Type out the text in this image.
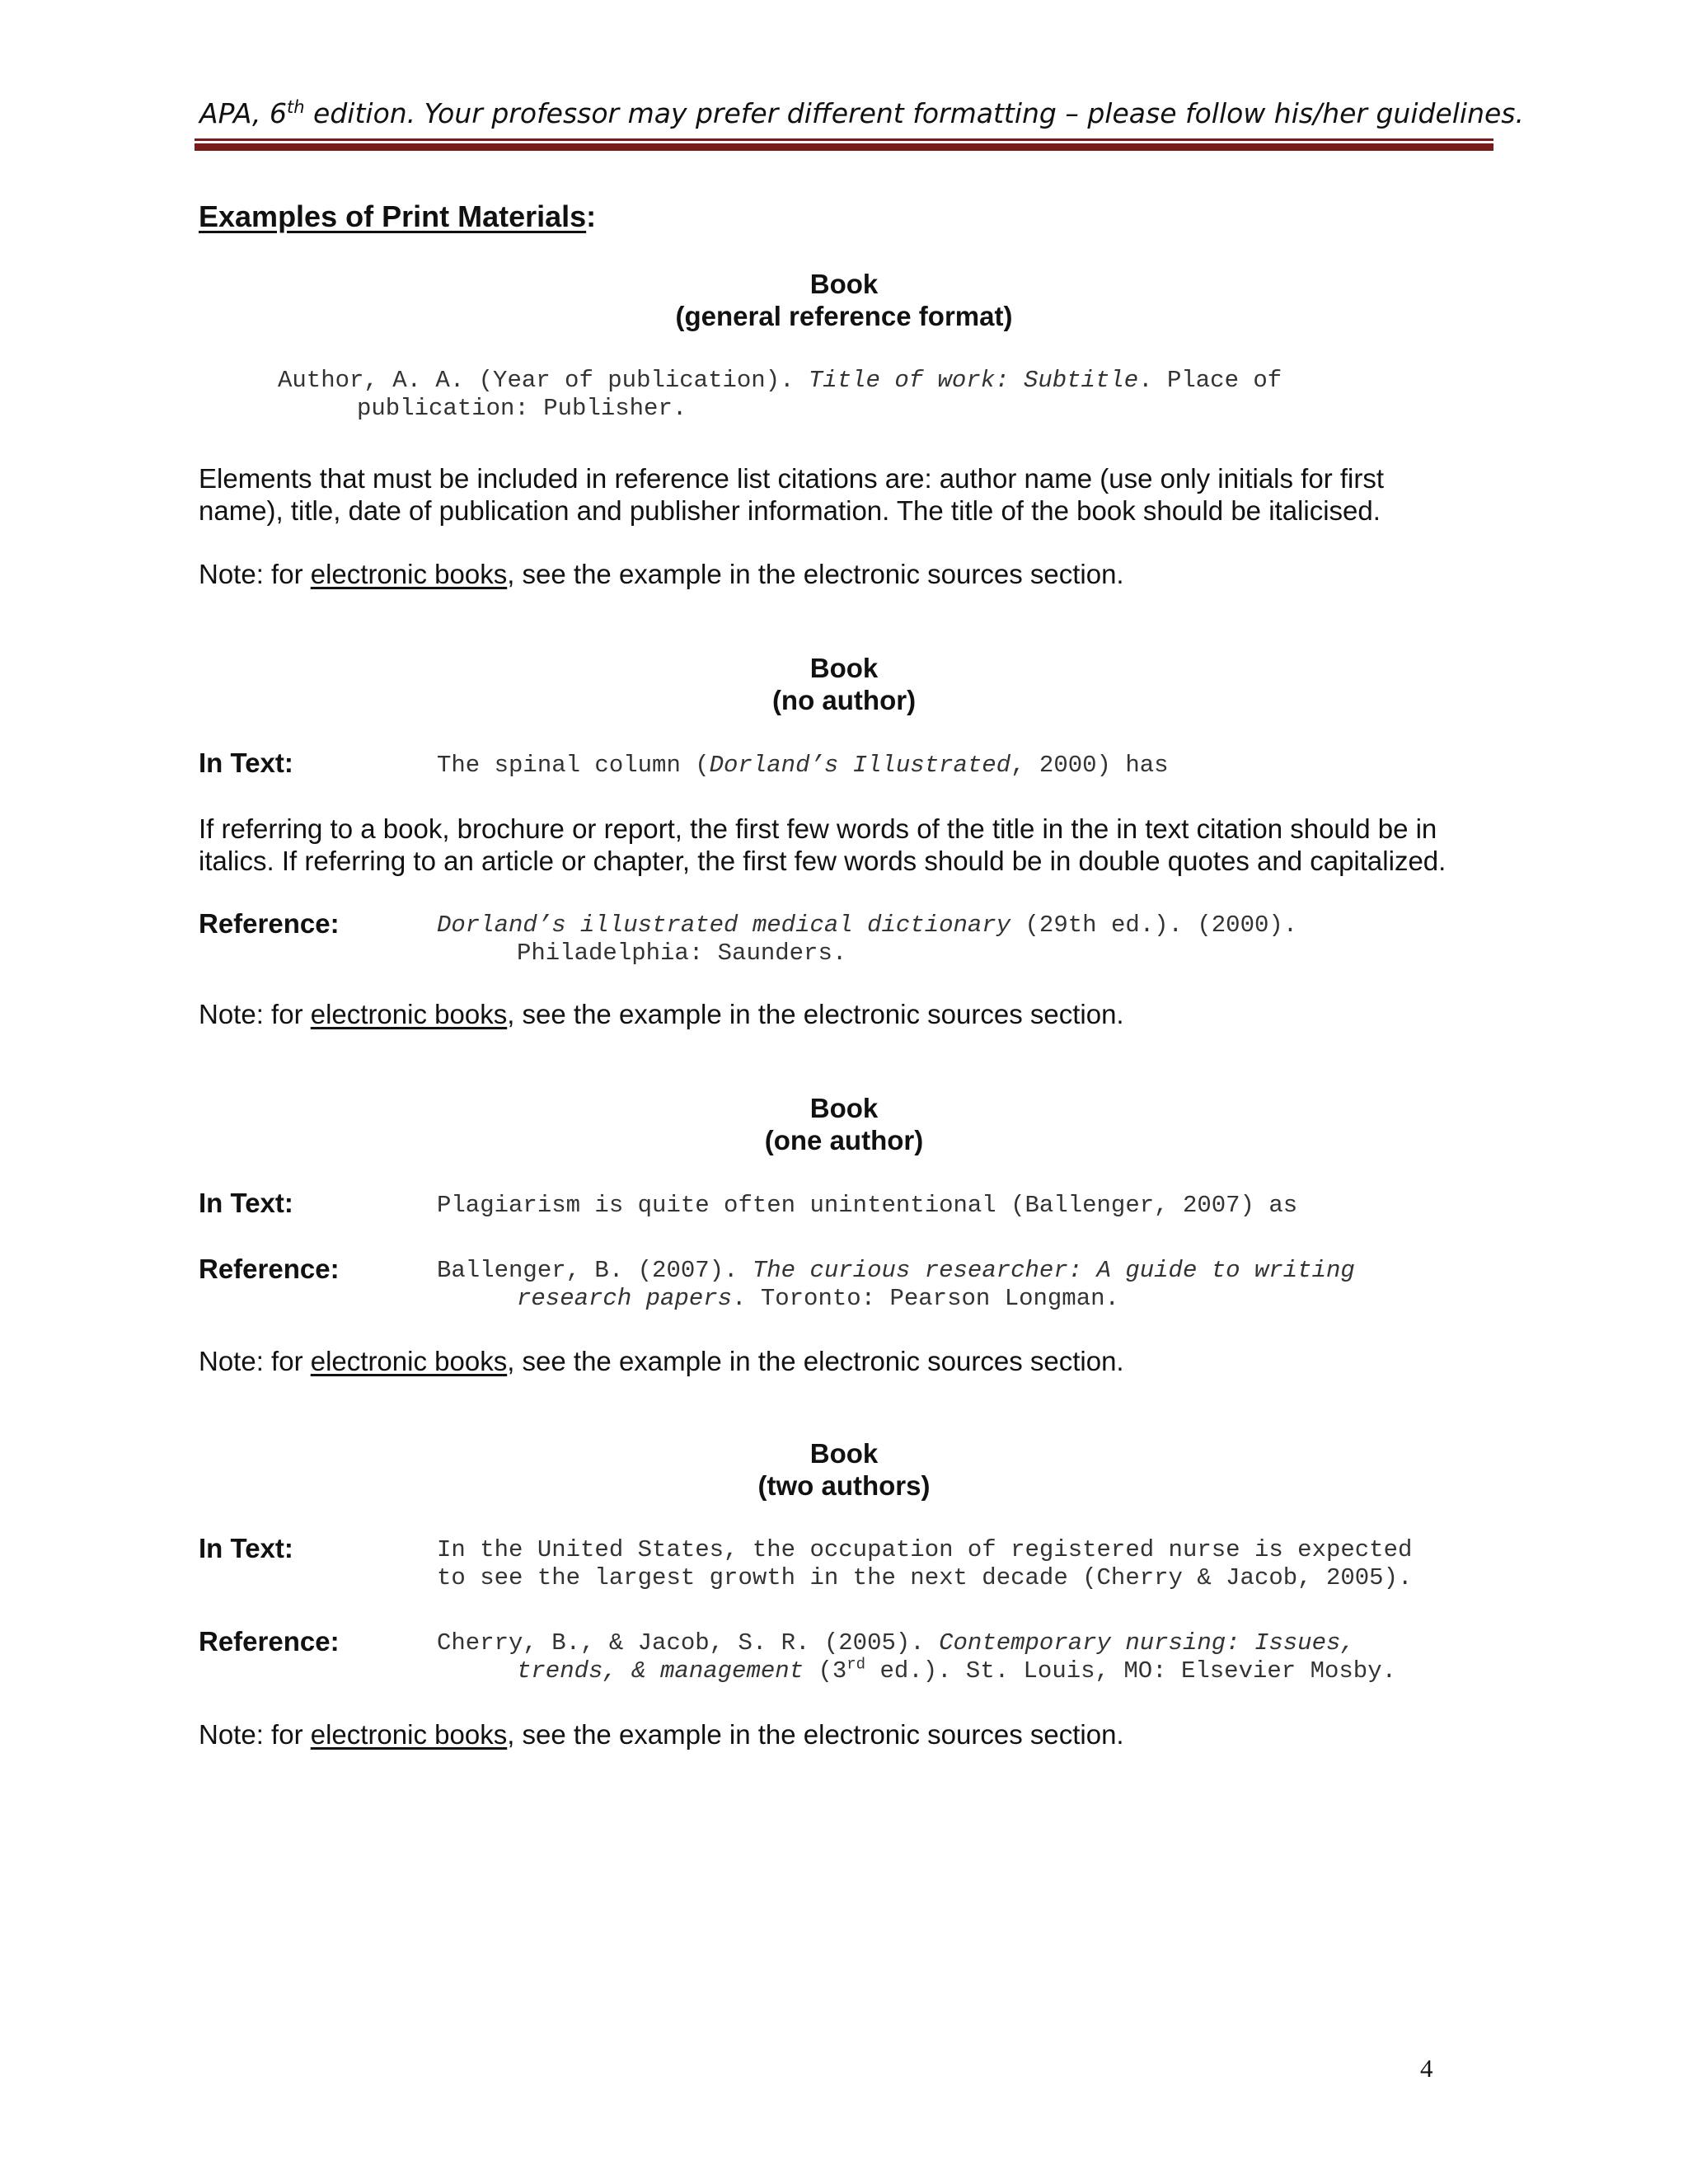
APA, 6th edition. Your professor may prefer different formatting – please follow his/her guidelines.
Examples of Print Materials:
Book
(general reference format)
Author, A. A. (Year of publication). Title of work: Subtitle. Place of
publication: Publisher.
Elements that must be included in reference list citations are: author name (use only initials for first
name), title, date of publication and publisher information. The title of the book should be italicised.
Note: for electronic books, see the example in the electronic sources section.
Book
(no author)
In Text:	The spinal column (Dorland’s Illustrated, 2000) has
If referring to a book, brochure or report, the first few words of the title in the in text citation should be in
italics. If referring to an article or chapter, the first few words should be in double quotes and capitalized.
Reference:	Dorland’s illustrated medical dictionary (29th ed.). (2000).
Philadelphia: Saunders.
Note: for electronic books, see the example in the electronic sources section.
Book
(one author)
In Text:	Plagiarism is quite often unintentional (Ballenger, 2007) as
Reference:	Ballenger, B. (2007). The curious researcher: A guide to writing
research papers. Toronto: Pearson Longman.
Note: for electronic books, see the example in the electronic sources section.
Book
(two authors)
In Text:	In the United States, the occupation of registered nurse is expected
to see the largest growth in the next decade (Cherry & Jacob, 2005).
Reference:	Cherry, B., & Jacob, S. R. (2005). Contemporary nursing: Issues,
trends, & management (3rd ed.). St. Louis, MO: Elsevier Mosby.
Note: for electronic books, see the example in the electronic sources section.
4
